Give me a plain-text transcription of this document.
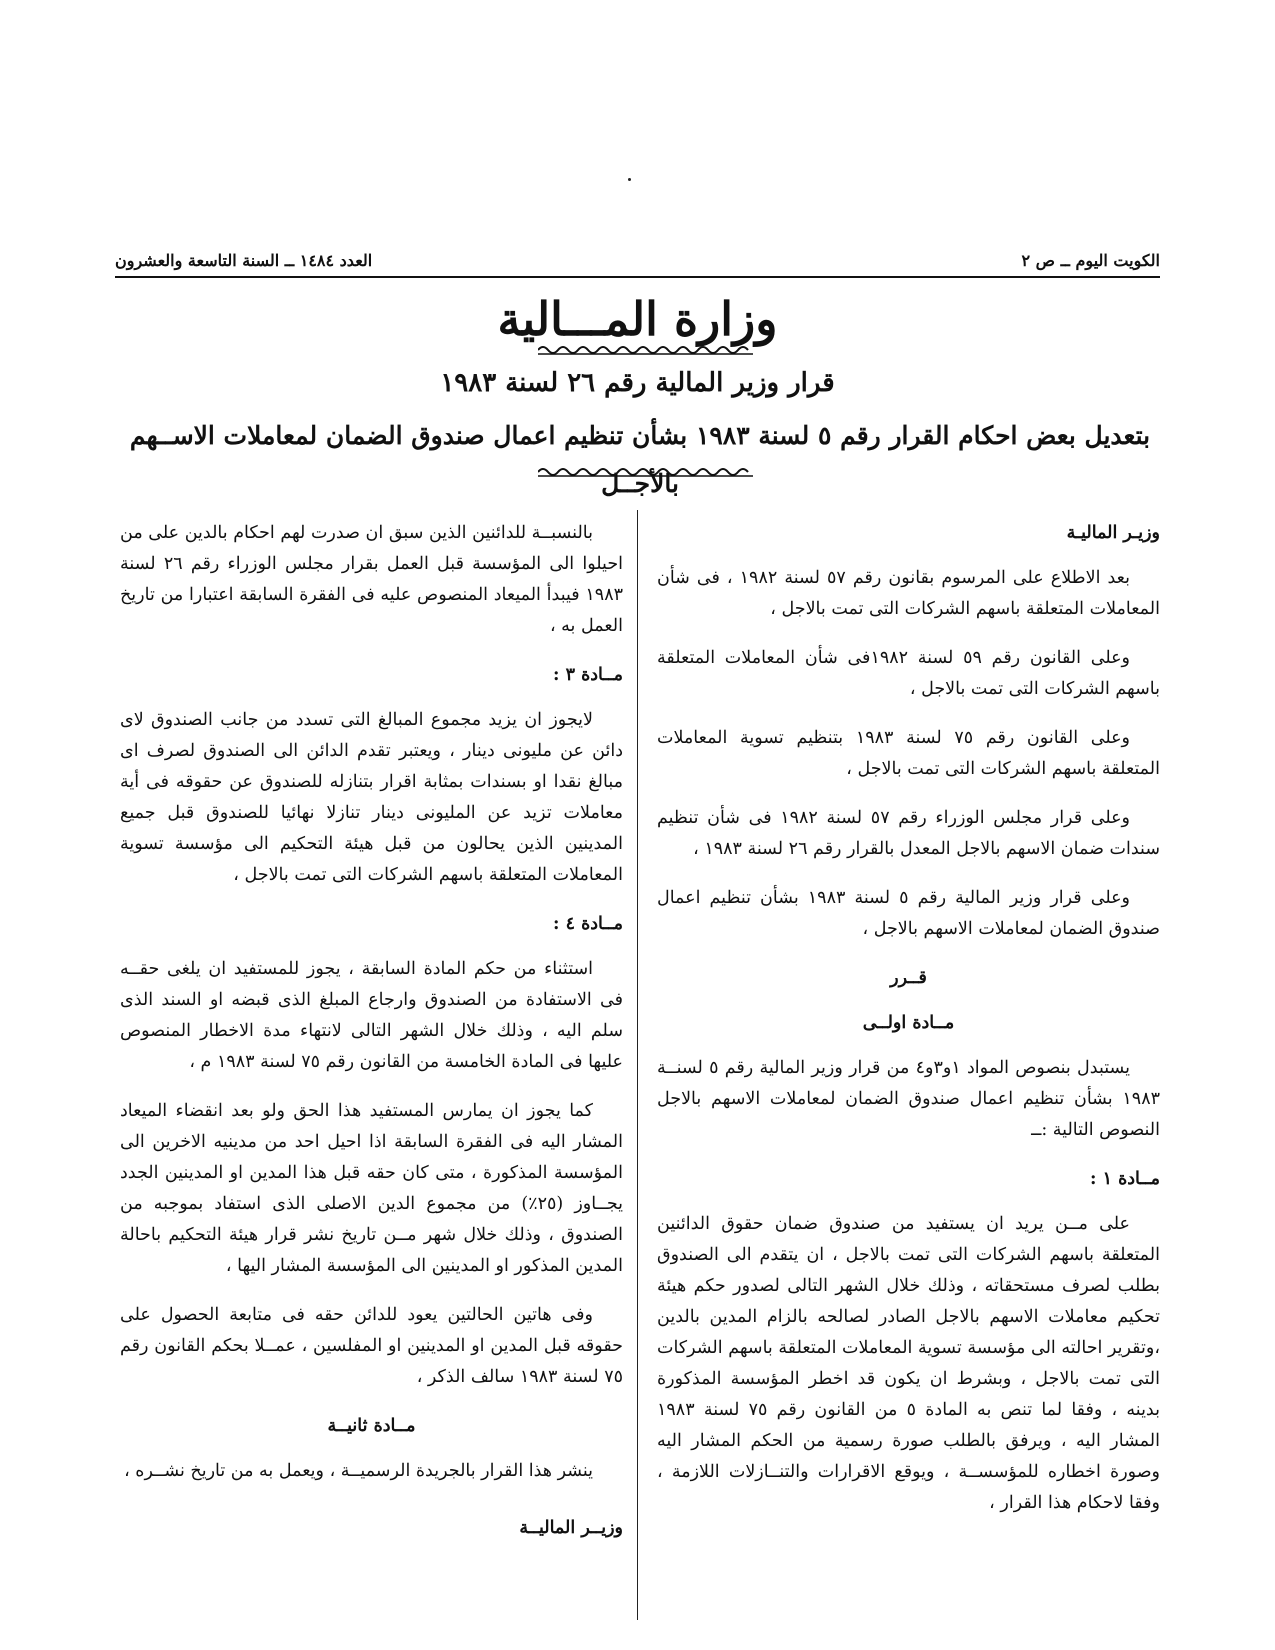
الكويت اليوم ــ ص ٢
العدد ١٤٨٤ ــ السنة التاسعة والعشرون
وزارة المـــالية
قرار وزير المالية رقم ٢٦ لسنة ١٩٨٣
بتعديل بعض احكام القرار رقم ٥ لسنة ١٩٨٣ بشأن تنظيم اعمال صندوق الضمان لمعاملات الاســهم بالأجــل

وزيـر الماليـة

بعد الاطلاع على المرسوم بقانون رقم ٥٧ لسنة ١٩٨٢ ، فى شأن المعاملات المتعلقة باسهم الشركات التى تمت بالاجل ،

وعلى القانون رقم ٥٩ لسنة ١٩٨٢فى شأن المعاملات المتعلقة باسهم الشركات التى تمت بالاجل ،

وعلى القانون رقم ٧٥ لسنة ١٩٨٣ بتنظيم تسوية المعاملات المتعلقة باسهم الشركات التى تمت بالاجل ،

وعلى قرار مجلس الوزراء رقم ٥٧ لسنة ١٩٨٢ فى شأن تنظيم سندات ضمان الاسهم بالاجل المعدل بالقرار رقم ٢٦ لسنة ١٩٨٣ ،

وعلى قرار وزير المالية رقم ٥ لسنة ١٩٨٣ بشأن تنظيم اعمال صندوق الضمان لمعاملات الاسهم بالاجل ،

قــرر

مــادة اولــى

يستبدل بنصوص المواد ١و٣و٤ من قرار وزير المالية رقم ٥ لسنــة ١٩٨٣ بشأن تنظيم اعمال صندوق الضمان لمعاملات الاسهم بالاجل النصوص التالية :ــ

مــادة ١ :

على مــن يريد ان يستفيد من صندوق ضمان حقوق الدائنين المتعلقة باسهم الشركات التى تمت بالاجل ، ان يتقدم الى الصندوق بطلب لصرف مستحقاته ، وذلك خلال الشهر التالى لصدور حكم هيئة تحكيم معاملات الاسهم بالاجل الصادر لصالحه بالزام المدين بالدين ،وتقرير احالته الى مؤسسة تسوية المعاملات المتعلقة باسهم الشركات التى تمت بالاجل ، وبشرط ان يكون قد اخطر المؤسسة المذكورة بدينه ، وفقا لما تنص به المادة ٥ من القانون رقم ٧٥ لسنة ١٩٨٣ المشار اليه ، ويرفق بالطلب صورة رسمية من الحكم المشار اليه وصورة اخطاره للمؤسســة ، ويوقع الاقرارات والتنــازلات اللازمة ، وفقا لاحكام هذا القرار ،

بالنسبــة للدائنين الذين سبق ان صدرت لهم احكام بالدين على من احيلوا الى المؤسسة قبل العمل بقرار مجلس الوزراء رقم ٢٦ لسنة ١٩٨٣ فيبدأ الميعاد المنصوص عليه فى الفقرة السابقة اعتبارا من تاريخ العمل به ،

مــادة ٣ :

لايجوز ان يزيد مجموع المبالغ التى تسدد من جانب الصندوق لاى دائن عن مليونى دينار ، ويعتبر تقدم الدائن الى الصندوق لصرف اى مبالغ نقدا او بسندات بمثابة اقرار بتنازله للصندوق عن حقوقه فى أية معاملات تزيد عن المليونى دينار تنازلا نهائيا للصندوق قبل جميع المدينين الذين يحالون من قبل هيئة التحكيم الى مؤسسة تسوية المعاملات المتعلقة باسهم الشركات التى تمت بالاجل ،

مــادة ٤ :

استثناء من حكم المادة السابقة ، يجوز للمستفيد ان يلغى حقــه فى الاستفادة من الصندوق وارجاع المبلغ الذى قبضه او السند الذى سلم اليه ، وذلك خلال الشهر التالى لانتهاء مدة الاخطار المنصوص عليها فى المادة الخامسة من القانون رقم ٧٥ لسنة ١٩٨٣ م ،

كما يجوز ان يمارس المستفيد هذا الحق ولو بعد انقضاء الميعاد المشار اليه فى الفقرة السابقة اذا احيل احد من مدينيه الاخرين الى المؤسسة المذكورة ، متى كان حقه قبل هذا المدين او المدينين الجدد يجــاوز (٢٥٪) من مجموع الدين الاصلى الذى استفاد بموجبه من الصندوق ، وذلك خلال شهر مــن تاريخ نشر قرار هيئة التحكيم باحالة المدين المذكور او المدينين الى المؤسسة المشار اليها ،

وفى هاتين الحالتين يعود للدائن حقه فى متابعة الحصول على حقوقه قبل المدين او المدينين او المفلسين ، عمــلا بحكم القانون رقم ٧٥ لسنة ١٩٨٣ سالف الذكر ،

مــادة ثانيــة

ينشر هذا القرار بالجريدة الرسميــة ، ويعمل به من تاريخ نشــره ،

وزيــر الماليــة
